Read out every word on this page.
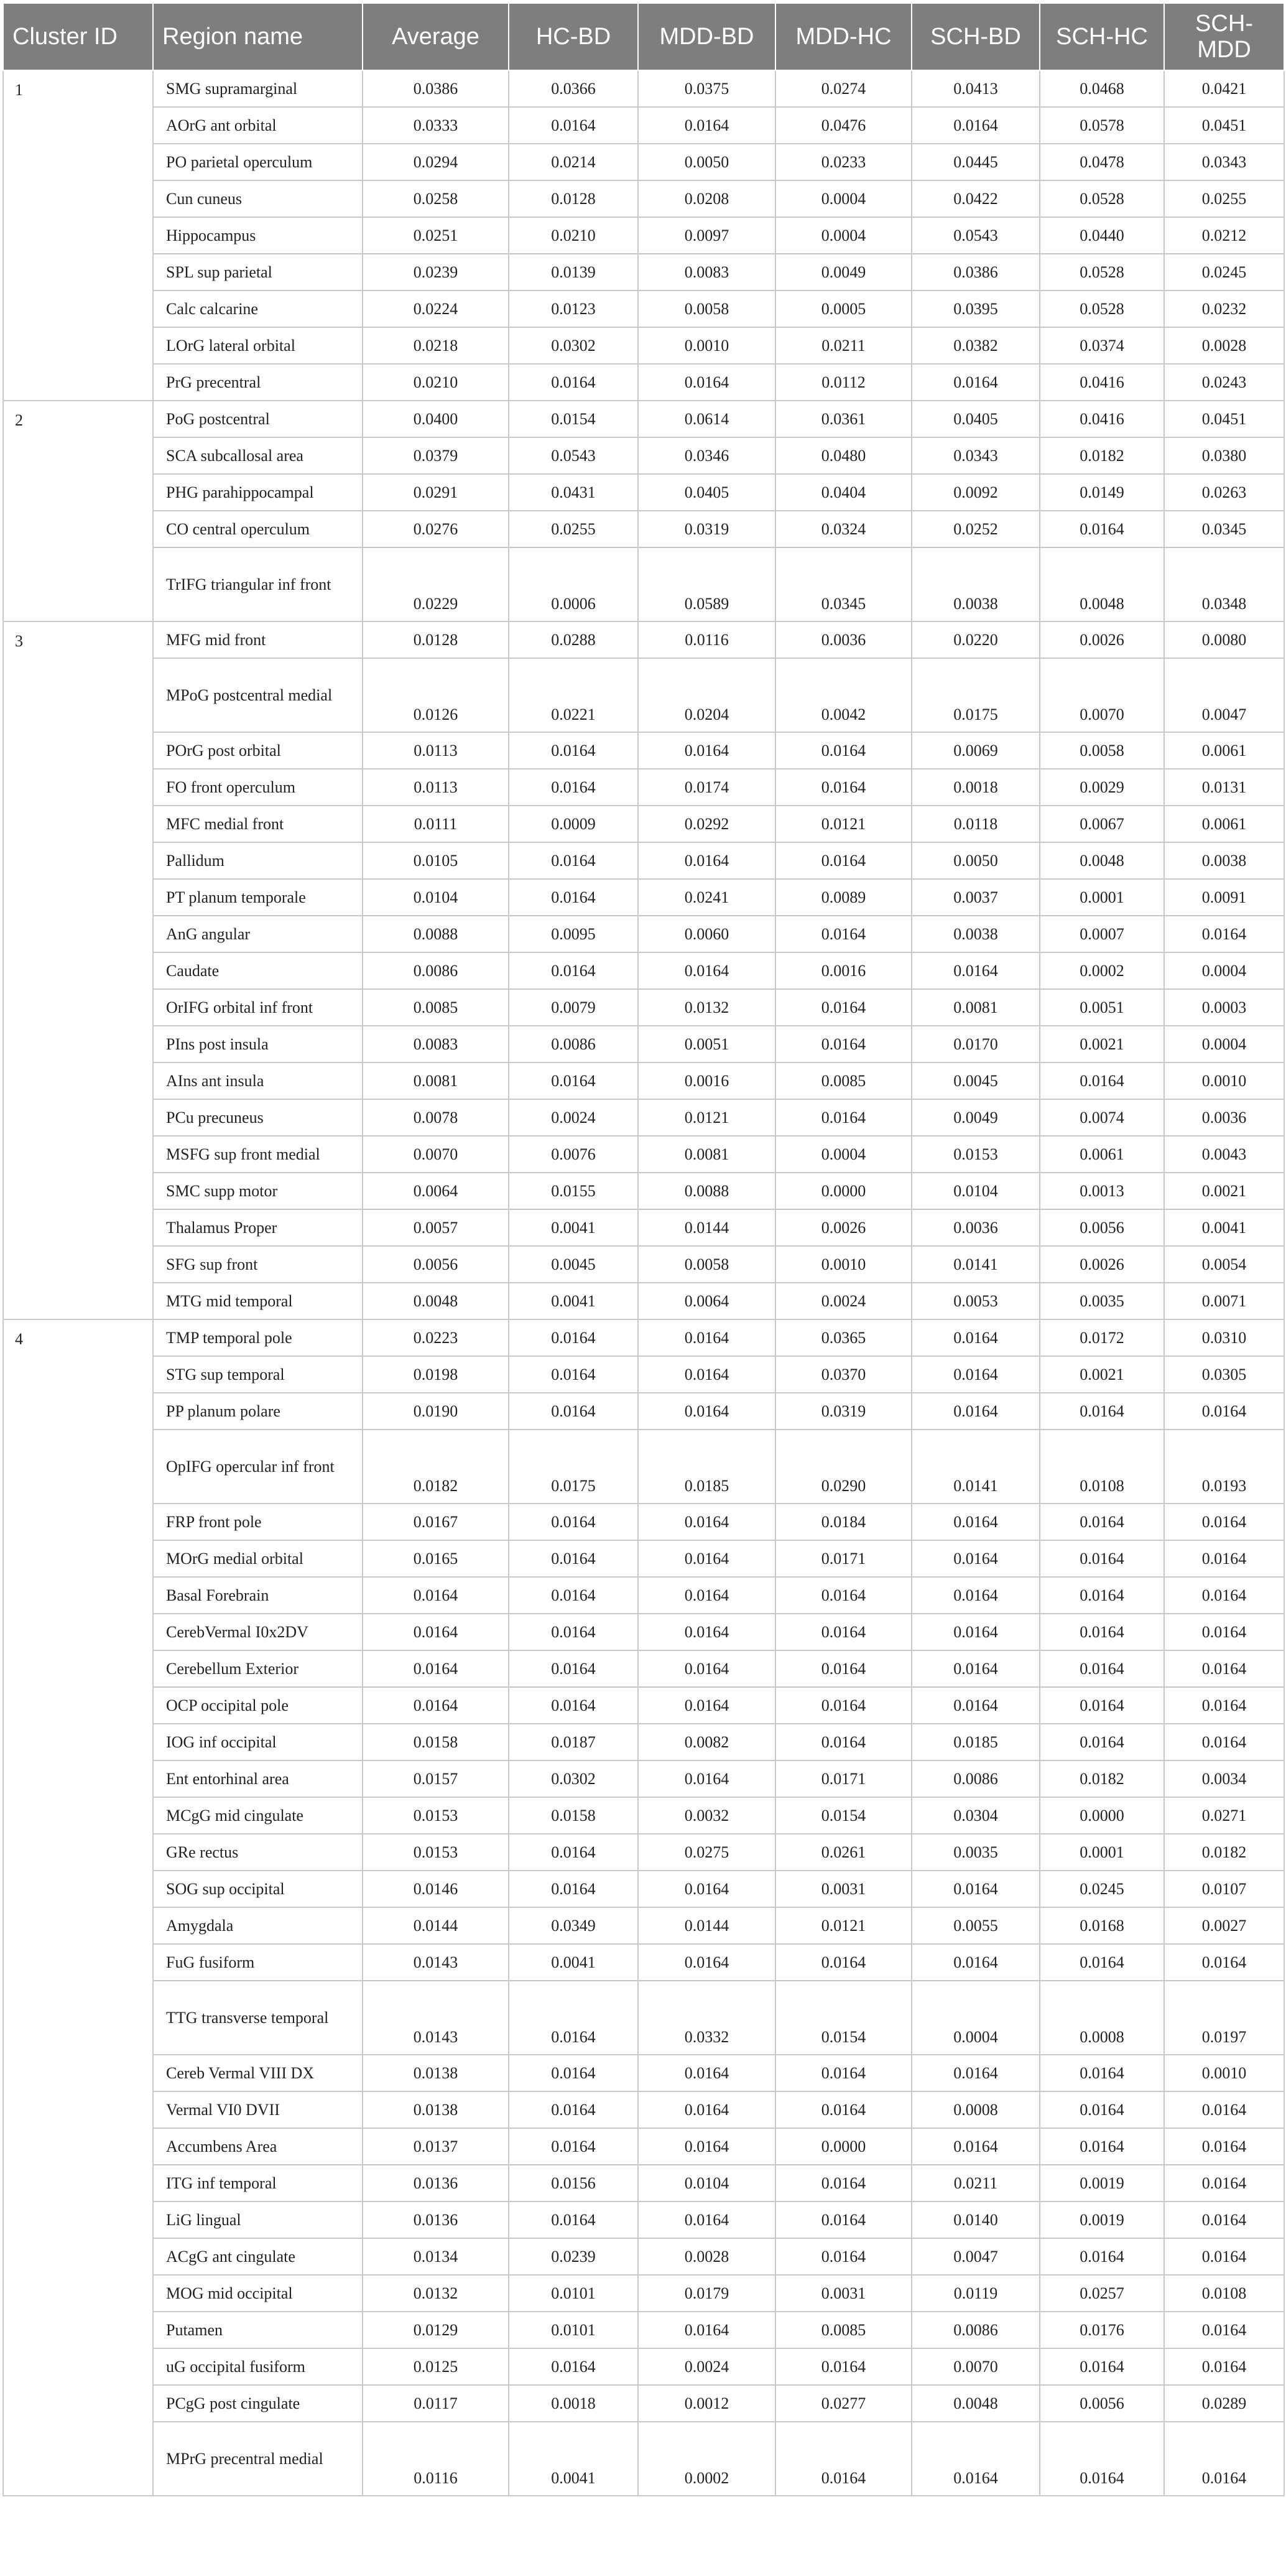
Cluster ID	Region name	Average	HC-BD	MDD-BD	MDD-HC	SCH-BD	SCH-HC	SCH-MDD
1	SMG supramarginal	0.0386	0.0366	0.0375	0.0274	0.0413	0.0468	0.0421
	AOrG ant orbital	0.0333	0.0164	0.0164	0.0476	0.0164	0.0578	0.0451
	PO parietal operculum	0.0294	0.0214	0.0050	0.0233	0.0445	0.0478	0.0343
	Cun cuneus	0.0258	0.0128	0.0208	0.0004	0.0422	0.0528	0.0255
	Hippocampus	0.0251	0.0210	0.0097	0.0004	0.0543	0.0440	0.0212
	SPL sup parietal	0.0239	0.0139	0.0083	0.0049	0.0386	0.0528	0.0245
	Calc calcarine	0.0224	0.0123	0.0058	0.0005	0.0395	0.0528	0.0232
	LOrG lateral orbital	0.0218	0.0302	0.0010	0.0211	0.0382	0.0374	0.0028
	PrG precentral	0.0210	0.0164	0.0164	0.0112	0.0164	0.0416	0.0243
2	PoG postcentral	0.0400	0.0154	0.0614	0.0361	0.0405	0.0416	0.0451
	SCA subcallosal area	0.0379	0.0543	0.0346	0.0480	0.0343	0.0182	0.0380
	PHG parahippocampal	0.0291	0.0431	0.0405	0.0404	0.0092	0.0149	0.0263
	CO central operculum	0.0276	0.0255	0.0319	0.0324	0.0252	0.0164	0.0345
	TrIFG triangular inf front	0.0229	0.0006	0.0589	0.0345	0.0038	0.0048	0.0348
3	MFG mid front	0.0128	0.0288	0.0116	0.0036	0.0220	0.0026	0.0080
	MPoG postcentral medial	0.0126	0.0221	0.0204	0.0042	0.0175	0.0070	0.0047
	POrG post orbital	0.0113	0.0164	0.0164	0.0164	0.0069	0.0058	0.0061
	FO front operculum	0.0113	0.0164	0.0174	0.0164	0.0018	0.0029	0.0131
	MFC medial front	0.0111	0.0009	0.0292	0.0121	0.0118	0.0067	0.0061
	Pallidum	0.0105	0.0164	0.0164	0.0164	0.0050	0.0048	0.0038
	PT planum temporale	0.0104	0.0164	0.0241	0.0089	0.0037	0.0001	0.0091
	AnG angular	0.0088	0.0095	0.0060	0.0164	0.0038	0.0007	0.0164
	Caudate	0.0086	0.0164	0.0164	0.0016	0.0164	0.0002	0.0004
	OrIFG orbital inf front	0.0085	0.0079	0.0132	0.0164	0.0081	0.0051	0.0003
	PIns post insula	0.0083	0.0086	0.0051	0.0164	0.0170	0.0021	0.0004
	AIns ant insula	0.0081	0.0164	0.0016	0.0085	0.0045	0.0164	0.0010
	PCu precuneus	0.0078	0.0024	0.0121	0.0164	0.0049	0.0074	0.0036
	MSFG sup front medial	0.0070	0.0076	0.0081	0.0004	0.0153	0.0061	0.0043
	SMC supp motor	0.0064	0.0155	0.0088	0.0000	0.0104	0.0013	0.0021
	Thalamus Proper	0.0057	0.0041	0.0144	0.0026	0.0036	0.0056	0.0041
	SFG sup front	0.0056	0.0045	0.0058	0.0010	0.0141	0.0026	0.0054
	MTG mid temporal	0.0048	0.0041	0.0064	0.0024	0.0053	0.0035	0.0071
4	TMP temporal pole	0.0223	0.0164	0.0164	0.0365	0.0164	0.0172	0.0310
	STG sup temporal	0.0198	0.0164	0.0164	0.0370	0.0164	0.0021	0.0305
	PP planum polare	0.0190	0.0164	0.0164	0.0319	0.0164	0.0164	0.0164
	OpIFG opercular inf front	0.0182	0.0175	0.0185	0.0290	0.0141	0.0108	0.0193
	FRP front pole	0.0167	0.0164	0.0164	0.0184	0.0164	0.0164	0.0164
	MOrG medial orbital	0.0165	0.0164	0.0164	0.0171	0.0164	0.0164	0.0164
	Basal Forebrain	0.0164	0.0164	0.0164	0.0164	0.0164	0.0164	0.0164
	CerebVermal I0x2DV	0.0164	0.0164	0.0164	0.0164	0.0164	0.0164	0.0164
	Cerebellum Exterior	0.0164	0.0164	0.0164	0.0164	0.0164	0.0164	0.0164
	OCP occipital pole	0.0164	0.0164	0.0164	0.0164	0.0164	0.0164	0.0164
	IOG inf occipital	0.0158	0.0187	0.0082	0.0164	0.0185	0.0164	0.0164
	Ent entorhinal area	0.0157	0.0302	0.0164	0.0171	0.0086	0.0182	0.0034
	MCgG mid cingulate	0.0153	0.0158	0.0032	0.0154	0.0304	0.0000	0.0271
	GRe rectus	0.0153	0.0164	0.0275	0.0261	0.0035	0.0001	0.0182
	SOG sup occipital	0.0146	0.0164	0.0164	0.0031	0.0164	0.0245	0.0107
	Amygdala	0.0144	0.0349	0.0144	0.0121	0.0055	0.0168	0.0027
	FuG fusiform	0.0143	0.0041	0.0164	0.0164	0.0164	0.0164	0.0164
	TTG transverse temporal	0.0143	0.0164	0.0332	0.0154	0.0004	0.0008	0.0197
	Cereb Vermal VIII DX	0.0138	0.0164	0.0164	0.0164	0.0164	0.0164	0.0010
	Vermal VI0 DVII	0.0138	0.0164	0.0164	0.0164	0.0008	0.0164	0.0164
	Accumbens Area	0.0137	0.0164	0.0164	0.0000	0.0164	0.0164	0.0164
	ITG inf temporal	0.0136	0.0156	0.0104	0.0164	0.0211	0.0019	0.0164
	LiG lingual	0.0136	0.0164	0.0164	0.0164	0.0140	0.0019	0.0164
	ACgG ant cingulate	0.0134	0.0239	0.0028	0.0164	0.0047	0.0164	0.0164
	MOG mid occipital	0.0132	0.0101	0.0179	0.0031	0.0119	0.0257	0.0108
	Putamen	0.0129	0.0101	0.0164	0.0085	0.0086	0.0176	0.0164
	uG occipital fusiform	0.0125	0.0164	0.0024	0.0164	0.0070	0.0164	0.0164
	PCgG post cingulate	0.0117	0.0018	0.0012	0.0277	0.0048	0.0056	0.0289
	MPrG precentral medial	0.0116	0.0041	0.0002	0.0164	0.0164	0.0164	0.0164
